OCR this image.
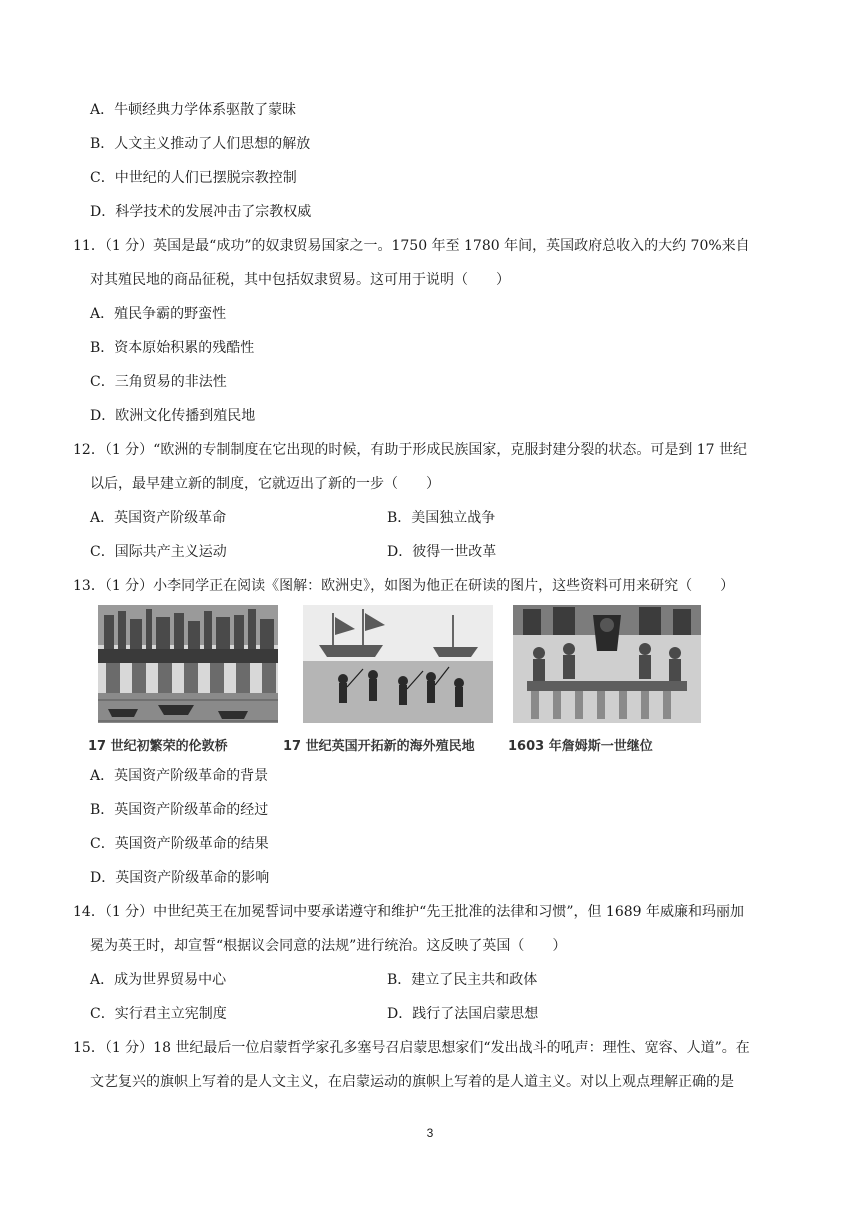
A．牛顿经典力学体系驱散了蒙昧
B．人文主义推动了人们思想的解放
C．中世纪的人们已摆脱宗教控制
D．科学技术的发展冲击了宗教权威
11．（1 分）英国是最“成功”的奴隶贸易国家之一。1750 年至 1780 年间，英国政府总收入的大约 70%来自
对其殖民地的商品征税，其中包括奴隶贸易。这可用于说明（　　）
A．殖民争霸的野蛮性
B．资本原始积累的残酷性
C．三角贸易的非法性
D．欧洲文化传播到殖民地
12．（1 分）“欧洲的专制制度在它出现的时候，有助于形成民族国家，克服封建分裂的状态。可是到 17 世纪
以后，最早建立新的制度，它就迈出了新的一步（　　）
A．英国资产阶级革命	B．美国独立战争
C．国际共产主义运动	D．彼得一世改革
13．（1 分）小李同学正在阅读《图解：欧洲史》，如图为他正在研读的图片，这些资料可用来研究（　　）
17 世纪初繁荣的伦敦桥	17 世纪英国开拓新的海外殖民地	1603 年詹姆斯一世继位
A．英国资产阶级革命的背景
B．英国资产阶级革命的经过
C．英国资产阶级革命的结果
D．英国资产阶级革命的影响
14．（1 分）中世纪英王在加冕誓词中要承诺遵守和维护“先王批准的法律和习惯”，但 1689 年威廉和玛丽加
冕为英王时，却宣誓“根据议会同意的法规”进行统治。这反映了英国（　　）
A．成为世界贸易中心	B．建立了民主共和政体
C．实行君主立宪制度	D．践行了法国启蒙思想
15．（1 分）18 世纪最后一位启蒙哲学家孔多塞号召启蒙思想家们“发出战斗的吼声：理性、宽容、人道”。在
文艺复兴的旗帜上写着的是人文主义，在启蒙运动的旗帜上写着的是人道主义。对以上观点理解正确的是
3
